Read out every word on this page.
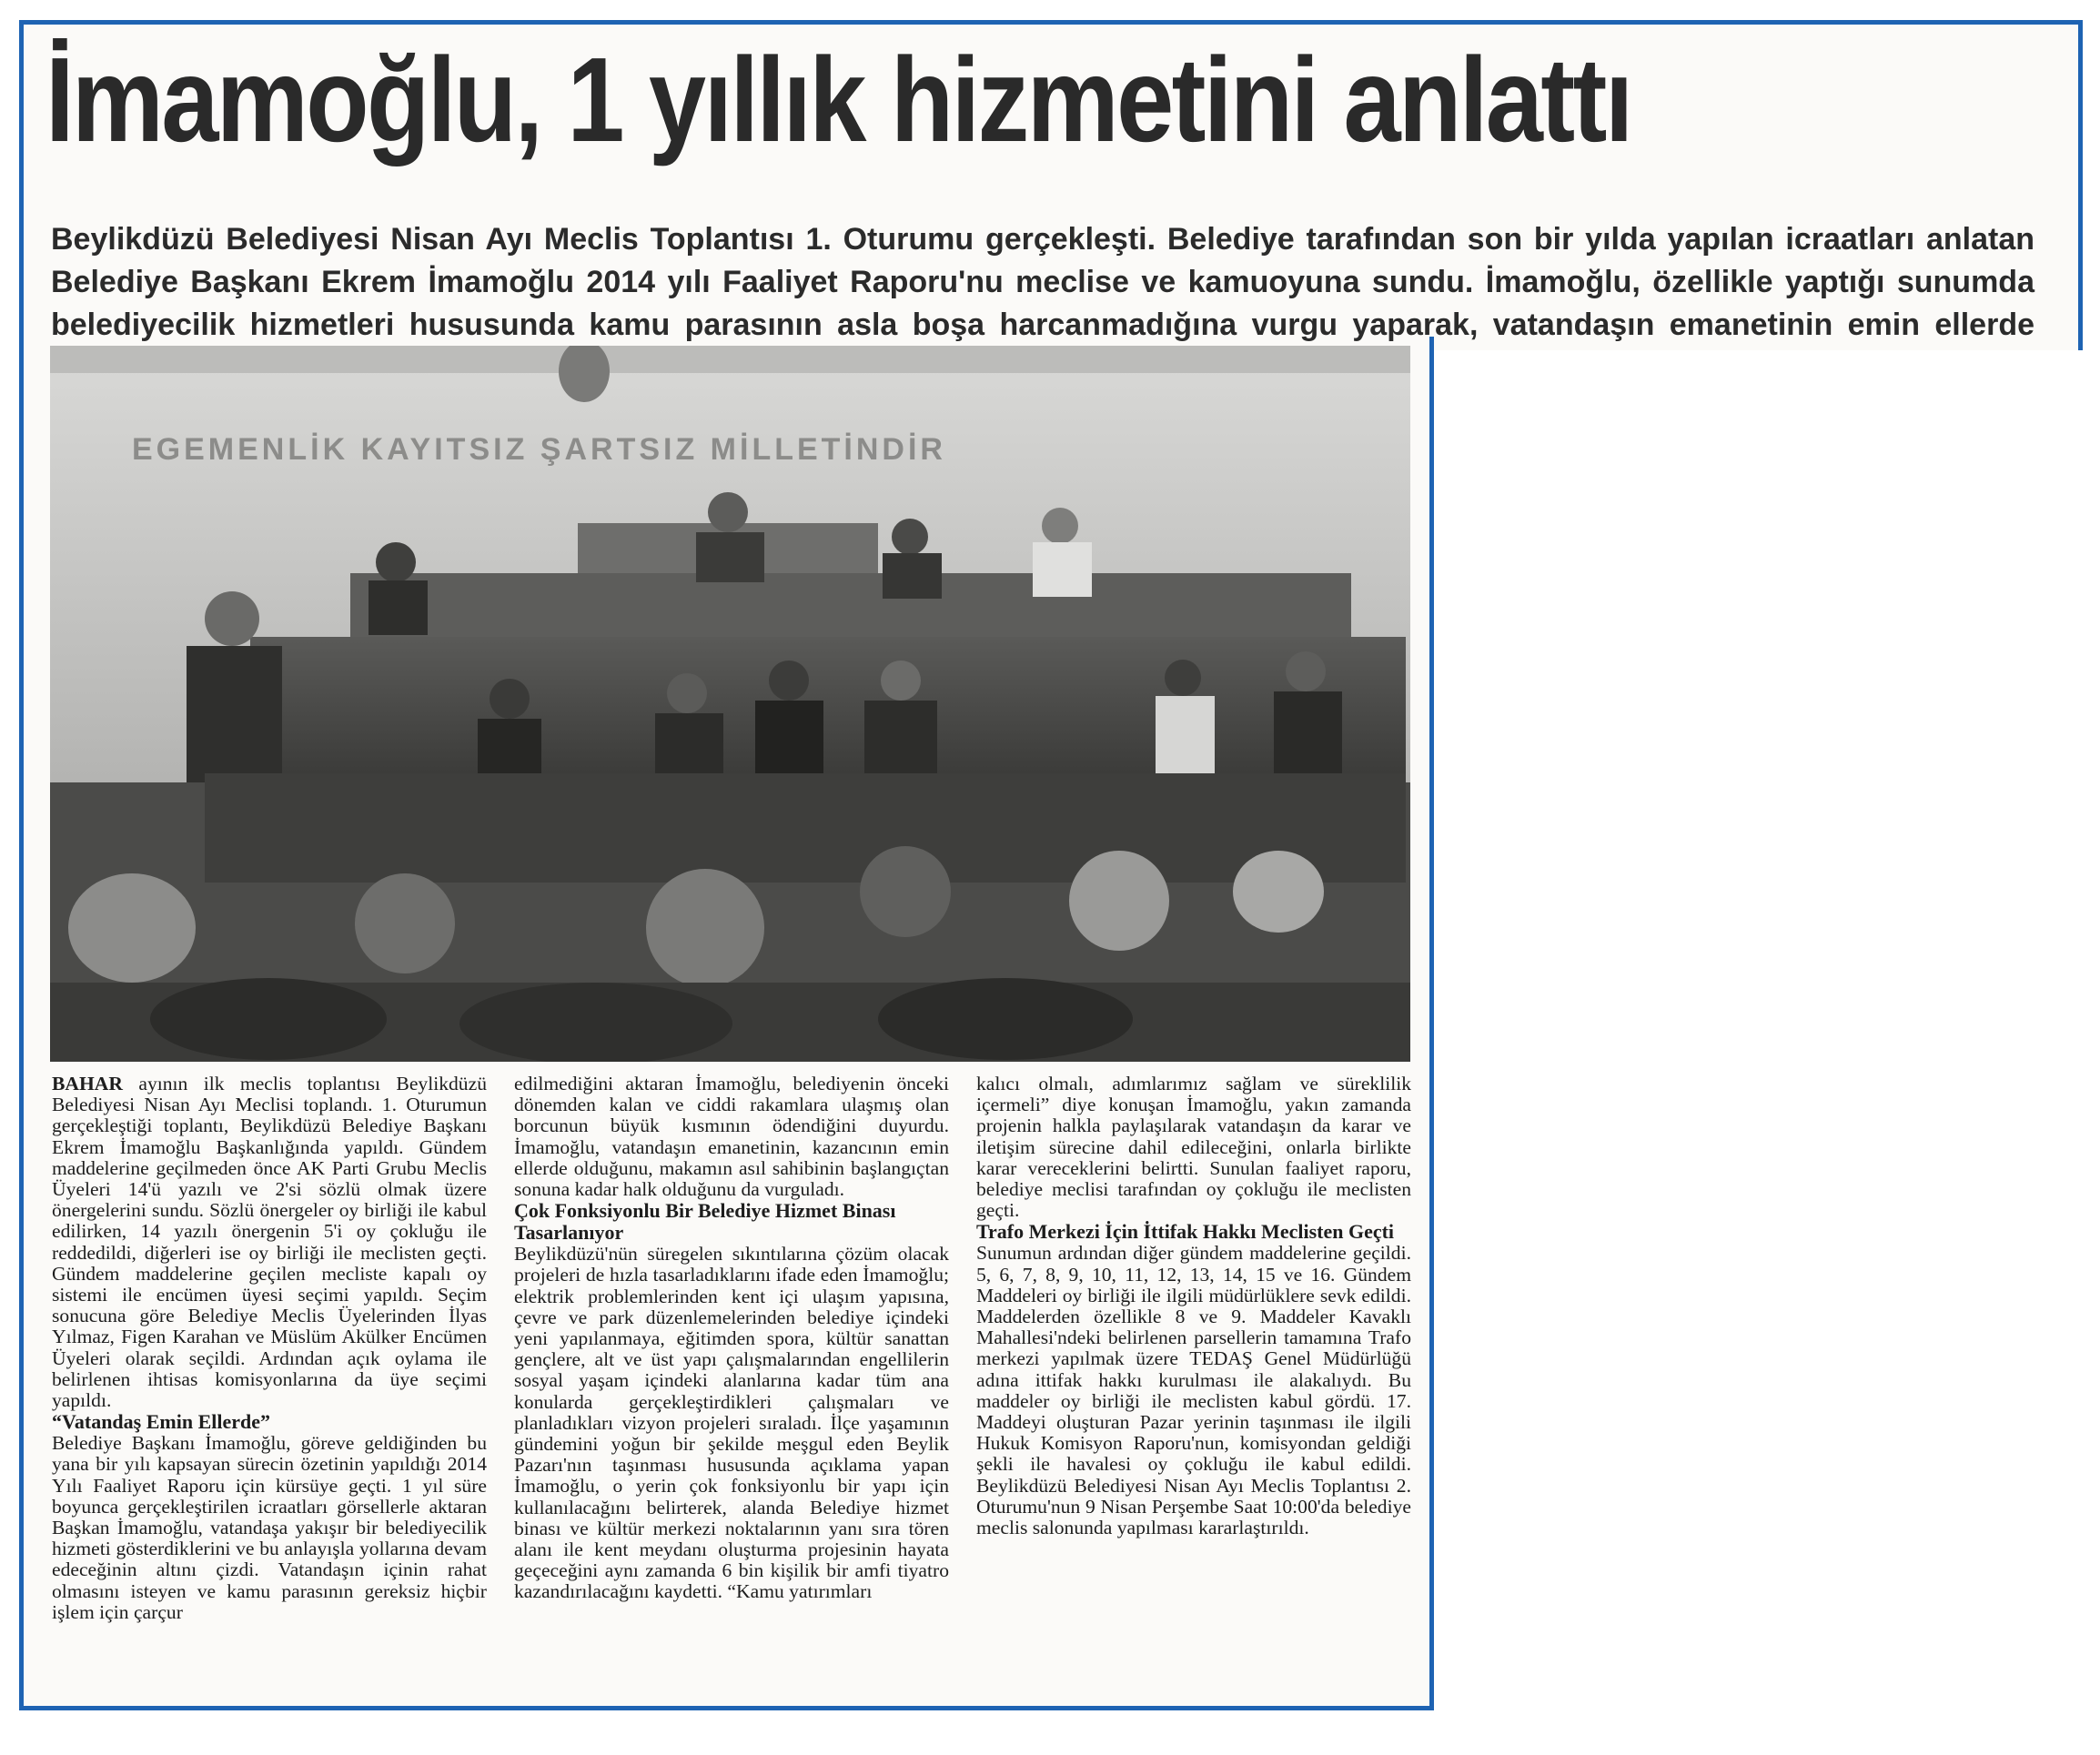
İmamoğlu, 1 yıllık hizmetini anlattı
Beylikdüzü Belediyesi Nisan Ayı Meclis Toplantısı 1. Oturumu gerçekleşti. Belediye tarafından son bir yılda yapılan icraatları anlatan Belediye Başkanı Ekrem İmamoğlu 2014 yılı Faaliyet Raporu'nu meclise ve kamuoyuna sundu. İmamoğlu, özellikle yaptığı sunumda belediyecilik hizmetleri hususunda kamu parasının asla boşa harcanmadığına vurgu yaparak, vatandaşın emanetinin emin ellerde
EGEMENLİK KAYITSIZ ŞARTSIZ MİLLETİNDİR

BAHAR ayının ilk meclis toplantısı Beylikdüzü Belediyesi Nisan Ayı Meclisi toplandı. 1. Oturumun gerçekleştiği toplantı, Beylikdüzü Belediye Başkanı Ekrem İmamoğlu Başkanlığında yapıldı. Gündem maddelerine geçilmeden önce AK Parti Grubu Meclis Üyeleri 14'ü yazılı ve 2'si sözlü olmak üzere önergelerini sundu. Sözlü önergeler oy birliği ile kabul edilirken, 14 yazılı önergenin 5'i oy çokluğu ile reddedildi, diğerleri ise oy birliği ile meclisten geçti. Gündem maddelerine geçilen mecliste kapalı oy sistemi ile encümen üyesi seçimi yapıldı. Seçim sonucuna göre Belediye Meclis Üyelerinden İlyas Yılmaz, Figen Karahan ve Müslüm Akülker Encümen Üyeleri olarak seçildi. Ardından açık oylama ile belirlenen ihtisas komisyonlarına da üye seçimi yapıldı.

“Vatandaş Emin Ellerde”

Belediye Başkanı İmamoğlu, göreve geldiğinden bu yana bir yılı kapsayan sürecin özetinin yapıldığı 2014 Yılı Faaliyet Raporu için kürsüye geçti. 1 yıl süre boyunca gerçekleştirilen icraatları görsellerle aktaran Başkan İmamoğlu, vatandaşa yakışır bir belediyecilik hizmeti gösterdiklerini ve bu anlayışla yollarına devam edeceğinin altını çizdi. Vatandaşın içinin rahat olmasını isteyen ve kamu parasının gereksiz hiçbir işlem için çarçur

edilmediğini aktaran İmamoğlu, belediyenin önceki dönemden kalan ve ciddi rakamlara ulaşmış olan borcunun büyük kısmının ödendiğini duyurdu. İmamoğlu, vatandaşın emanetinin, kazancının emin ellerde olduğunu, makamın asıl sahibinin başlangıçtan sonuna kadar halk olduğunu da vurguladı.

Çok Fonksiyonlu Bir Belediye Hizmet Binası Tasarlanıyor

Beylikdüzü'nün süregelen sıkıntılarına çözüm olacak projeleri de hızla tasarladıklarını ifade eden İmamoğlu; elektrik problemlerinden kent içi ulaşım yapısına, çevre ve park düzenlemelerinden belediye içindeki yeni yapılanmaya, eğitimden spora, kültür sanattan gençlere, alt ve üst yapı çalışmalarından engellilerin sosyal yaşam içindeki alanlarına kadar tüm ana konularda gerçekleştirdikleri çalışmaları ve planladıkları vizyon projeleri sıraladı. İlçe yaşamının gündemini yoğun bir şekilde meşgul eden Beylik Pazarı'nın taşınması hususunda açıklama yapan İmamoğlu, o yerin çok fonksiyonlu bir yapı için kullanılacağını belirterek, alanda Belediye hizmet binası ve kültür merkezi noktalarının yanı sıra tören alanı ile kent meydanı oluşturma projesinin hayata geçeceğini aynı zamanda 6 bin kişilik bir amfi tiyatro kazandırılacağını kaydetti. “Kamu yatırımları

kalıcı olmalı, adımlarımız sağlam ve süreklilik içermeli” diye konuşan İmamoğlu, yakın zamanda projenin halkla paylaşılarak vatandaşın da karar ve iletişim sürecine dahil edileceğini, onlarla birlikte karar vereceklerini belirtti. Sunulan faaliyet raporu, belediye meclisi tarafından oy çokluğu ile meclisten geçti.

Trafo Merkezi İçin İttifak Hakkı Meclisten Geçti

Sunumun ardından diğer gündem maddelerine geçildi. 5, 6, 7, 8, 9, 10, 11, 12, 13, 14, 15 ve 16. Gündem Maddeleri oy birliği ile ilgili müdürlüklere sevk edildi. Maddelerden özellikle 8 ve 9. Maddeler Kavaklı Mahallesi'ndeki belirlenen parsellerin tamamına Trafo merkezi yapılmak üzere TEDAŞ Genel Müdürlüğü adına ittifak hakkı kurulması ile alakalıydı. Bu maddeler oy birliği ile meclisten kabul gördü. 17. Maddeyi oluşturan Pazar yerinin taşınması ile ilgili Hukuk Komisyon Raporu'nun, komisyondan geldiği şekli ile havalesi oy çokluğu ile kabul edildi. Beylikdüzü Belediyesi Nisan Ayı Meclis Toplantısı 2. Oturumu'nun 9 Nisan Perşembe Saat 10:00'da belediye meclis salonunda yapılması kararlaştırıldı.
